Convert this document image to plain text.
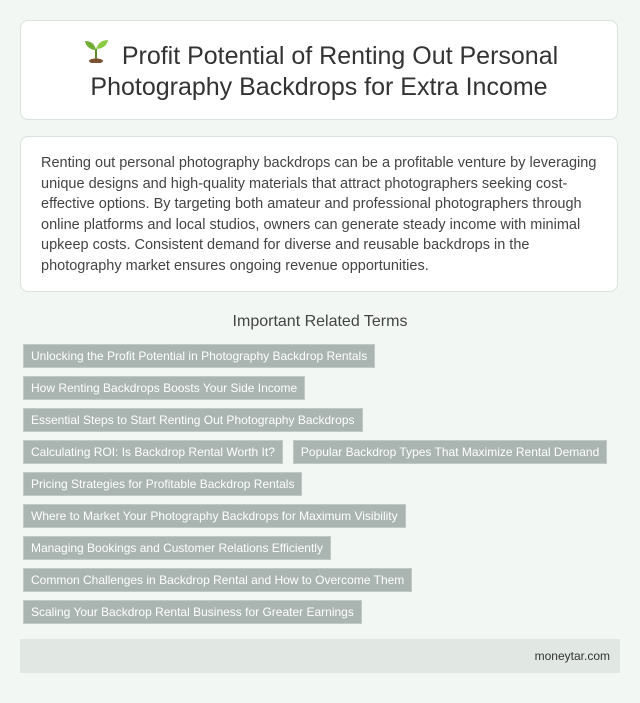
Profit Potential of Renting Out Personal Photography Backdrops for Extra Income

Renting out personal photography backdrops can be a profitable venture by leveraging unique designs and high-quality materials that attract photographers seeking cost-effective options. By targeting both amateur and professional photographers through online platforms and local studios, owners can generate steady income with minimal upkeep costs. Consistent demand for diverse and reusable backdrops in the photography market ensures ongoing revenue opportunities.

Important Related Terms
Unlocking the Profit Potential in Photography Backdrop Rentals
How Renting Backdrops Boosts Your Side Income
Essential Steps to Start Renting Out Photography Backdrops
Calculating ROI: Is Backdrop Rental Worth It?	Popular Backdrop Types That Maximize Rental Demand
Pricing Strategies for Profitable Backdrop Rentals
Where to Market Your Photography Backdrops for Maximum Visibility
Managing Bookings and Customer Relations Efficiently
Common Challenges in Backdrop Rental and How to Overcome Them
Scaling Your Backdrop Rental Business for Greater Earnings
moneytar.com
